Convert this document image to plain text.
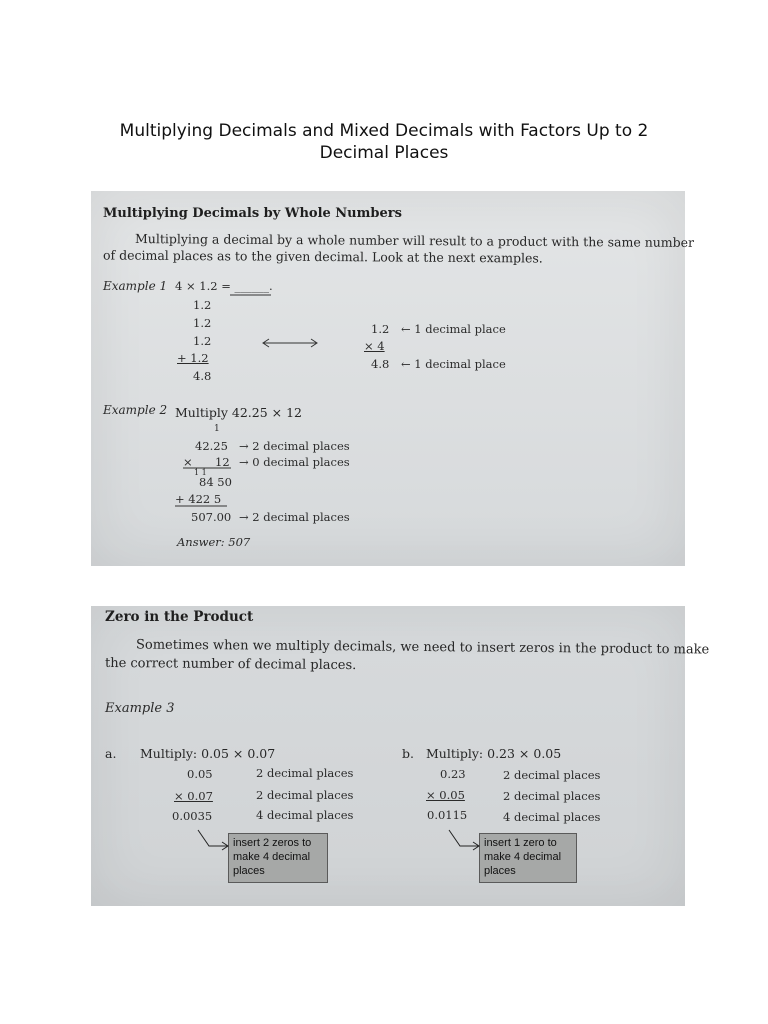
Multiplying Decimals and Mixed Decimals with Factors Up to 2
Decimal Places
Multiplying Decimals by Whole Numbers
Multiplying a decimal by a whole number will result to a product with the same number
of decimal places as to the given decimal. Look at the next examples.
Example 1 4 × 1.2 = ______.
1.2
1.2
1.2
+ 1.2
4.8
1.2 ← 1 decimal place
× 4
4.8 ← 1 decimal place
Example 2 Multiply 42.25 × 12
1
42.25 → 2 decimal places
× 12 → 0 decimal places
1 1
84 50
+ 422 5
507.00 → 2 decimal places
Answer: 507
Zero in the Product
Sometimes when we multiply decimals, we need to insert zeros in the product to make
the correct number of decimal places.
Example 3
a. Multiply: 0.05 × 0.07
0.05	2 decimal places
× 0.07	2 decimal places
0.0035	4 decimal places
insert 2 zeros to
make 4 decimal
places
b. Multiply: 0.23 × 0.05
0.23	2 decimal places
× 0.05	2 decimal places
0.0115	4 decimal places
insert 1 zero to
make 4 decimal
places
